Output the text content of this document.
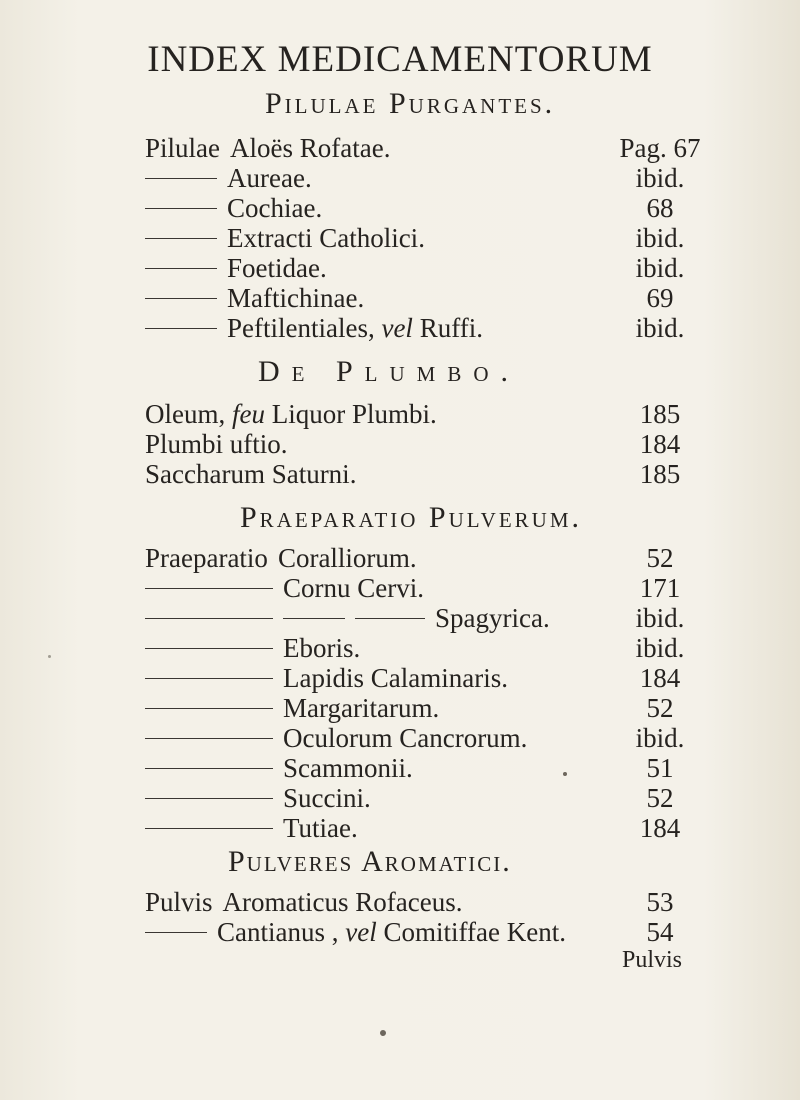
INDEX MEDICAMENTORUM
Pilulae Purgantes.
Pilulae Aloës Rofatae.	Pag. 67
Aureae.	ibid.
Cochiae.	68
Extracti Catholici.	ibid.
Foetidae.	ibid.
Maftichinae.	69
Peftilentiales, vel Ruffi.	ibid.
De Plumbo.
Oleum, feu Liquor Plumbi.	185
Plumbi uftio.	184
Saccharum Saturni.	185
Praeparatio Pulverum.
Praeparatio Coralliorum.	52
Cornu Cervi.	171
Spagyrica.	ibid.
Eboris.	ibid.
Lapidis Calaminaris.	184
Margaritarum.	52
Oculorum Cancrorum.	ibid.
Scammonii.	51
Succini.	52
Tutiae.	184
Pulveres Aromatici.
Pulvis Aromaticus Rofaceus.	53
Cantianus , vel Comitiffae Kent.	54
Pulvis
